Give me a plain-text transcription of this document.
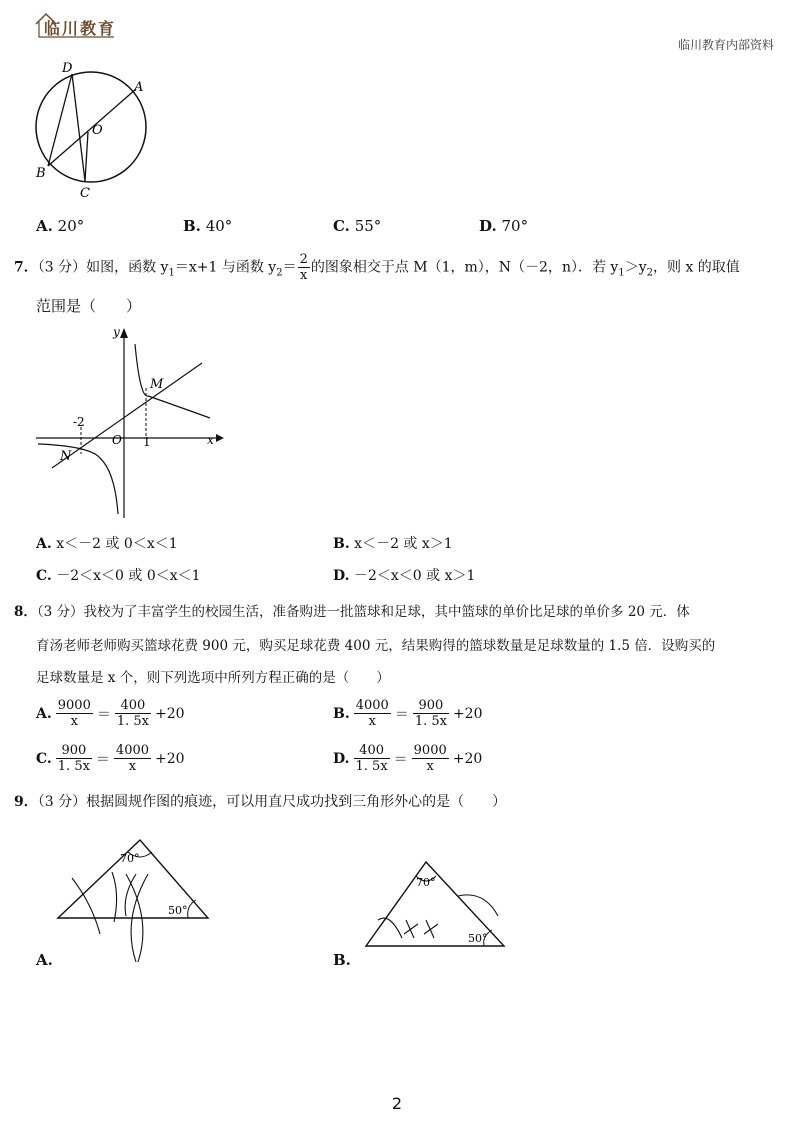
临川教育
临川教育内部资料
D
A
O
B
C
A. 20°	B. 40°	C. 55°	D. 70°
7．（3 分）如图，函数 $y_1=x+1$ 与函数 $y_2= \frac{2}{x}$ 的图象相交于点 M（1，m），N（－2，n）．若 $y_1>y_2$，则 x 的取值
范围是（　　）
y
M
N
O 1
-2
x
A. x＜－2 或 0＜x＜1	B. x＜－2 或 x＞1
C. －2＜x＜0 或 0＜x＜1	D. －2＜x＜0 或 x＞1
8．（3 分）我校为了丰富学生的校园生活，准备购进一批篮球和足球，其中篮球的单价比足球的单价多 20 元．体
育汤老师老师购买篮球花费 900 元，购买足球花费 400 元，结果购得的篮球数量是足球数量的 1.5 倍．设购买的
足球数量是 x 个，则下列选项中所列方程正确的是（　　）
A. $\frac{9000}{x} = \frac{400}{1. 5x} +20$	B. $\frac{4000}{x} = \frac{900}{1. 5x} +20$
C. $\frac{900}{1. 5x} = \frac{4000}{x} +20$	D. $\frac{400}{1. 5x} = \frac{9000}{x} +20$
9．（3 分）根据圆规作图的痕迹，可以用直尺成功找到三角形外心的是（　　）
70°
50°
A.
70°
50°
B.
2
